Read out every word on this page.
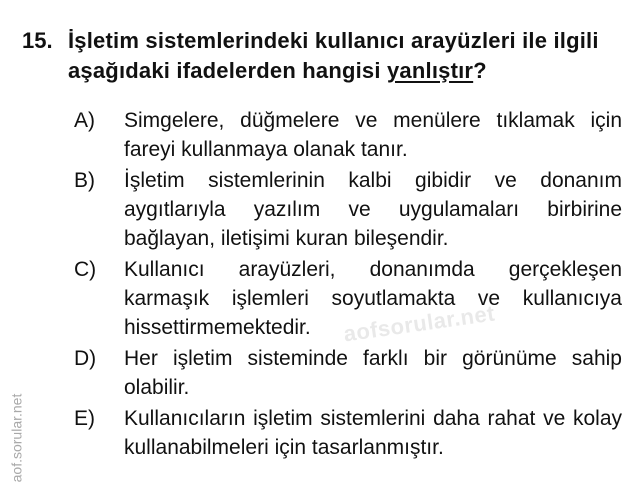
15. İşletim sistemlerindeki kullanıcı arayüzleri ile ilgili aşağıdaki ifadelerden hangisi yanlıştır?
A)	Simgelere, düğmelere ve menülere tıklamak için fareyi kullanmaya olanak tanır.
B)	İşletim sistemlerinin kalbi gibidir ve donanım aygıtlarıyla yazılım ve uygulamaları birbirine bağlayan, iletişimi kuran bileşendir.
C)	Kullanıcı arayüzleri, donanımda gerçekleşen karmaşık işlemleri soyutlamakta ve kullanıcıya hissettirmemektedir.
D)	Her işletim sisteminde farklı bir görünüme sahip olabilir.
E)	Kullanıcıların işletim sistemlerini daha rahat ve kolay kullanabilmeleri için tasarlanmıştır.
aofsorular.net
aof.sorular.net
